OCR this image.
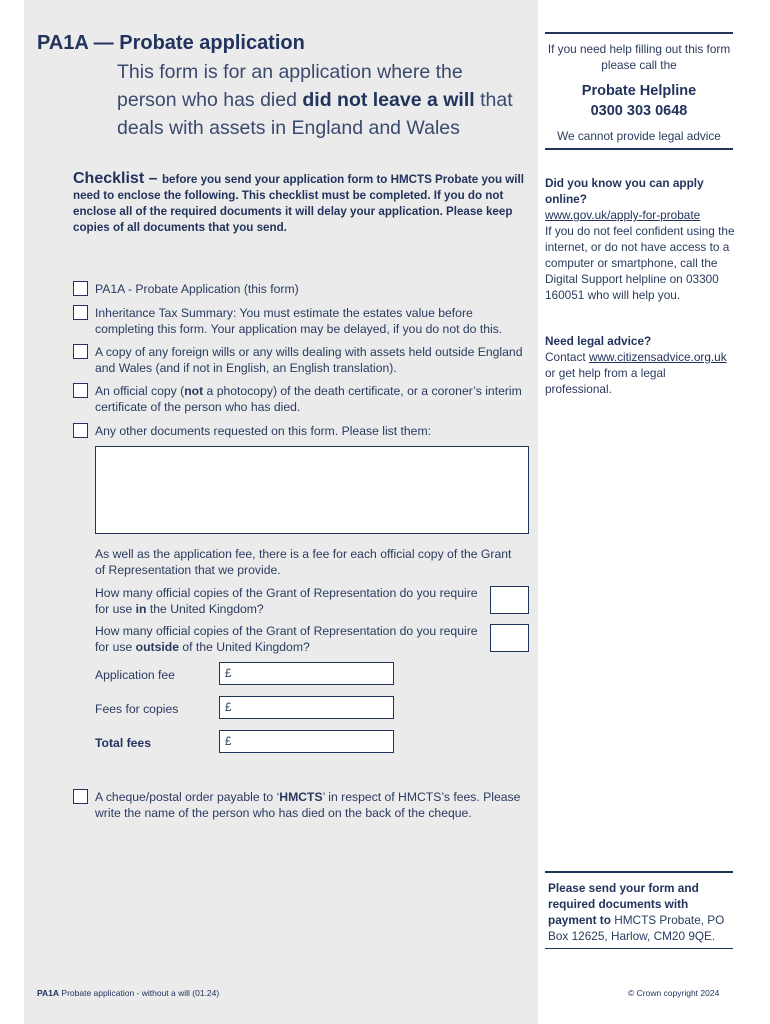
PA1A — Probate application
This form is for an application where the person who has died did not leave a will that deals with assets in England and Wales
Checklist – before you send your application form to HMCTS Probate you will need to enclose the following. This checklist must be completed. If you do not enclose all of the required documents it will delay your application. Please keep copies of all documents that you send.
PA1A - Probate Application (this form)
Inheritance Tax Summary: You must estimate the estates value before completing this form. Your application may be delayed, if you do not do this.
A copy of any foreign wills or any wills dealing with assets held outside England and Wales (and if not in English, an English translation).
An official copy (not a photocopy) of the death certificate, or a coroner’s interim certificate of the person who has died.
Any other documents requested on this form. Please list them:
As well as the application fee, there is a fee for each official copy of the Grant of Representation that we provide.
How many official copies of the Grant of Representation do you require for use in the United Kingdom?
How many official copies of the Grant of Representation do you require for use outside of the United Kingdom?
Application fee	£
Fees for copies	£
Total fees	£
A cheque/postal order payable to ‘HMCTS’ in respect of HMCTS’s fees. Please write the name of the person who has died on the back of the cheque.
PA1A Probate application - without a will (01.24)
If you need help filling out this form please call the
Probate Helpline
0300 303 0648
We cannot provide legal advice
Did you know you can apply online?
www.gov.uk/apply-for-probate
If you do not feel confident using the internet, or do not have access to a computer or smartphone, call the Digital Support helpline on 03300 160051 who will help you.
Need legal advice?
Contact www.citizensadvice.org.uk or get help from a legal professional.
Please send your form and required documents with payment to HMCTS Probate, PO Box 12625, Harlow, CM20 9QE.
© Crown copyright 2024
